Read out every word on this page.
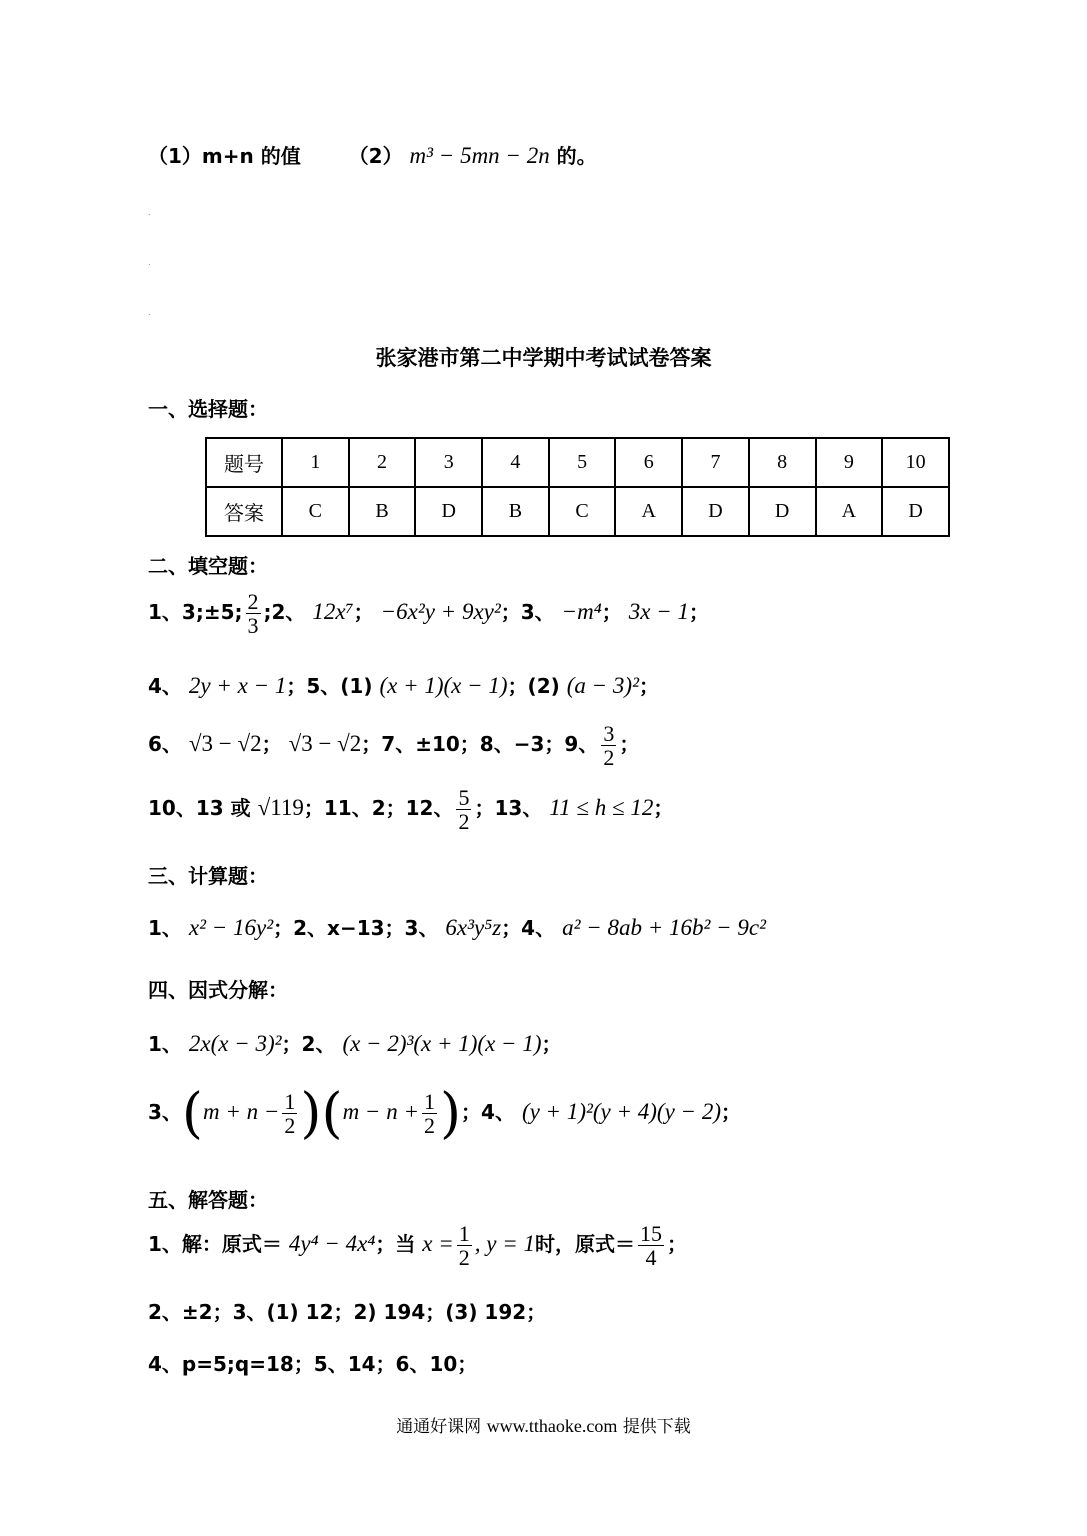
（1）m+n 的值 （2） m³ − 5mn − 2n 的。
.
.
.
张家港市第二中学期中考试试卷答案
一、选择题：
题号	1	2	3	4	5	6	7	8	9	10
答案	C	B	D	B	C	A	D	D	A	D
二、填空题：
1、3;±5; $\frac{2}{3}$ ;2、 12x⁷； −6x²y + 9xy²；3、 −m⁴； 3x − 1；
4、 2y + x − 1；5、(1) (x + 1)(x − 1)；(2) (a − 3)²；
6、 √3 − √2； √3 − √2；7、±10；8、−3；9、 $\frac{3}{2}$ ；
10、13 或 √119；11、2；12、 $\frac{5}{2}$ ；13、 11 ≤ h ≤ 12；
三、计算题：
1、 x² − 16y²；2、x−13；3、 6x³y⁵z；4、 a² − 8ab + 16b² − 9c²
四、因式分解：
1、 2x(x − 3)²；2、 (x − 2)³(x + 1)(x − 1)；
3、$(m + n - \frac{1}{2} )(m - n + \frac{1}{2}$ )；4、 (y + 1)²(y + 4)(y − 2)；
五、解答题：
1、解：原式＝ 4y⁴ − 4x⁴；当 $x = \frac{1}{2}$ , y = 1时，原式＝ $\frac{15}{4}$ ；
2、±2；3、(1) 12；2) 194；(3) 192；
4、p=5;q=18；5、14；6、10；
通通好课网 www.tthaoke.com 提供下载
